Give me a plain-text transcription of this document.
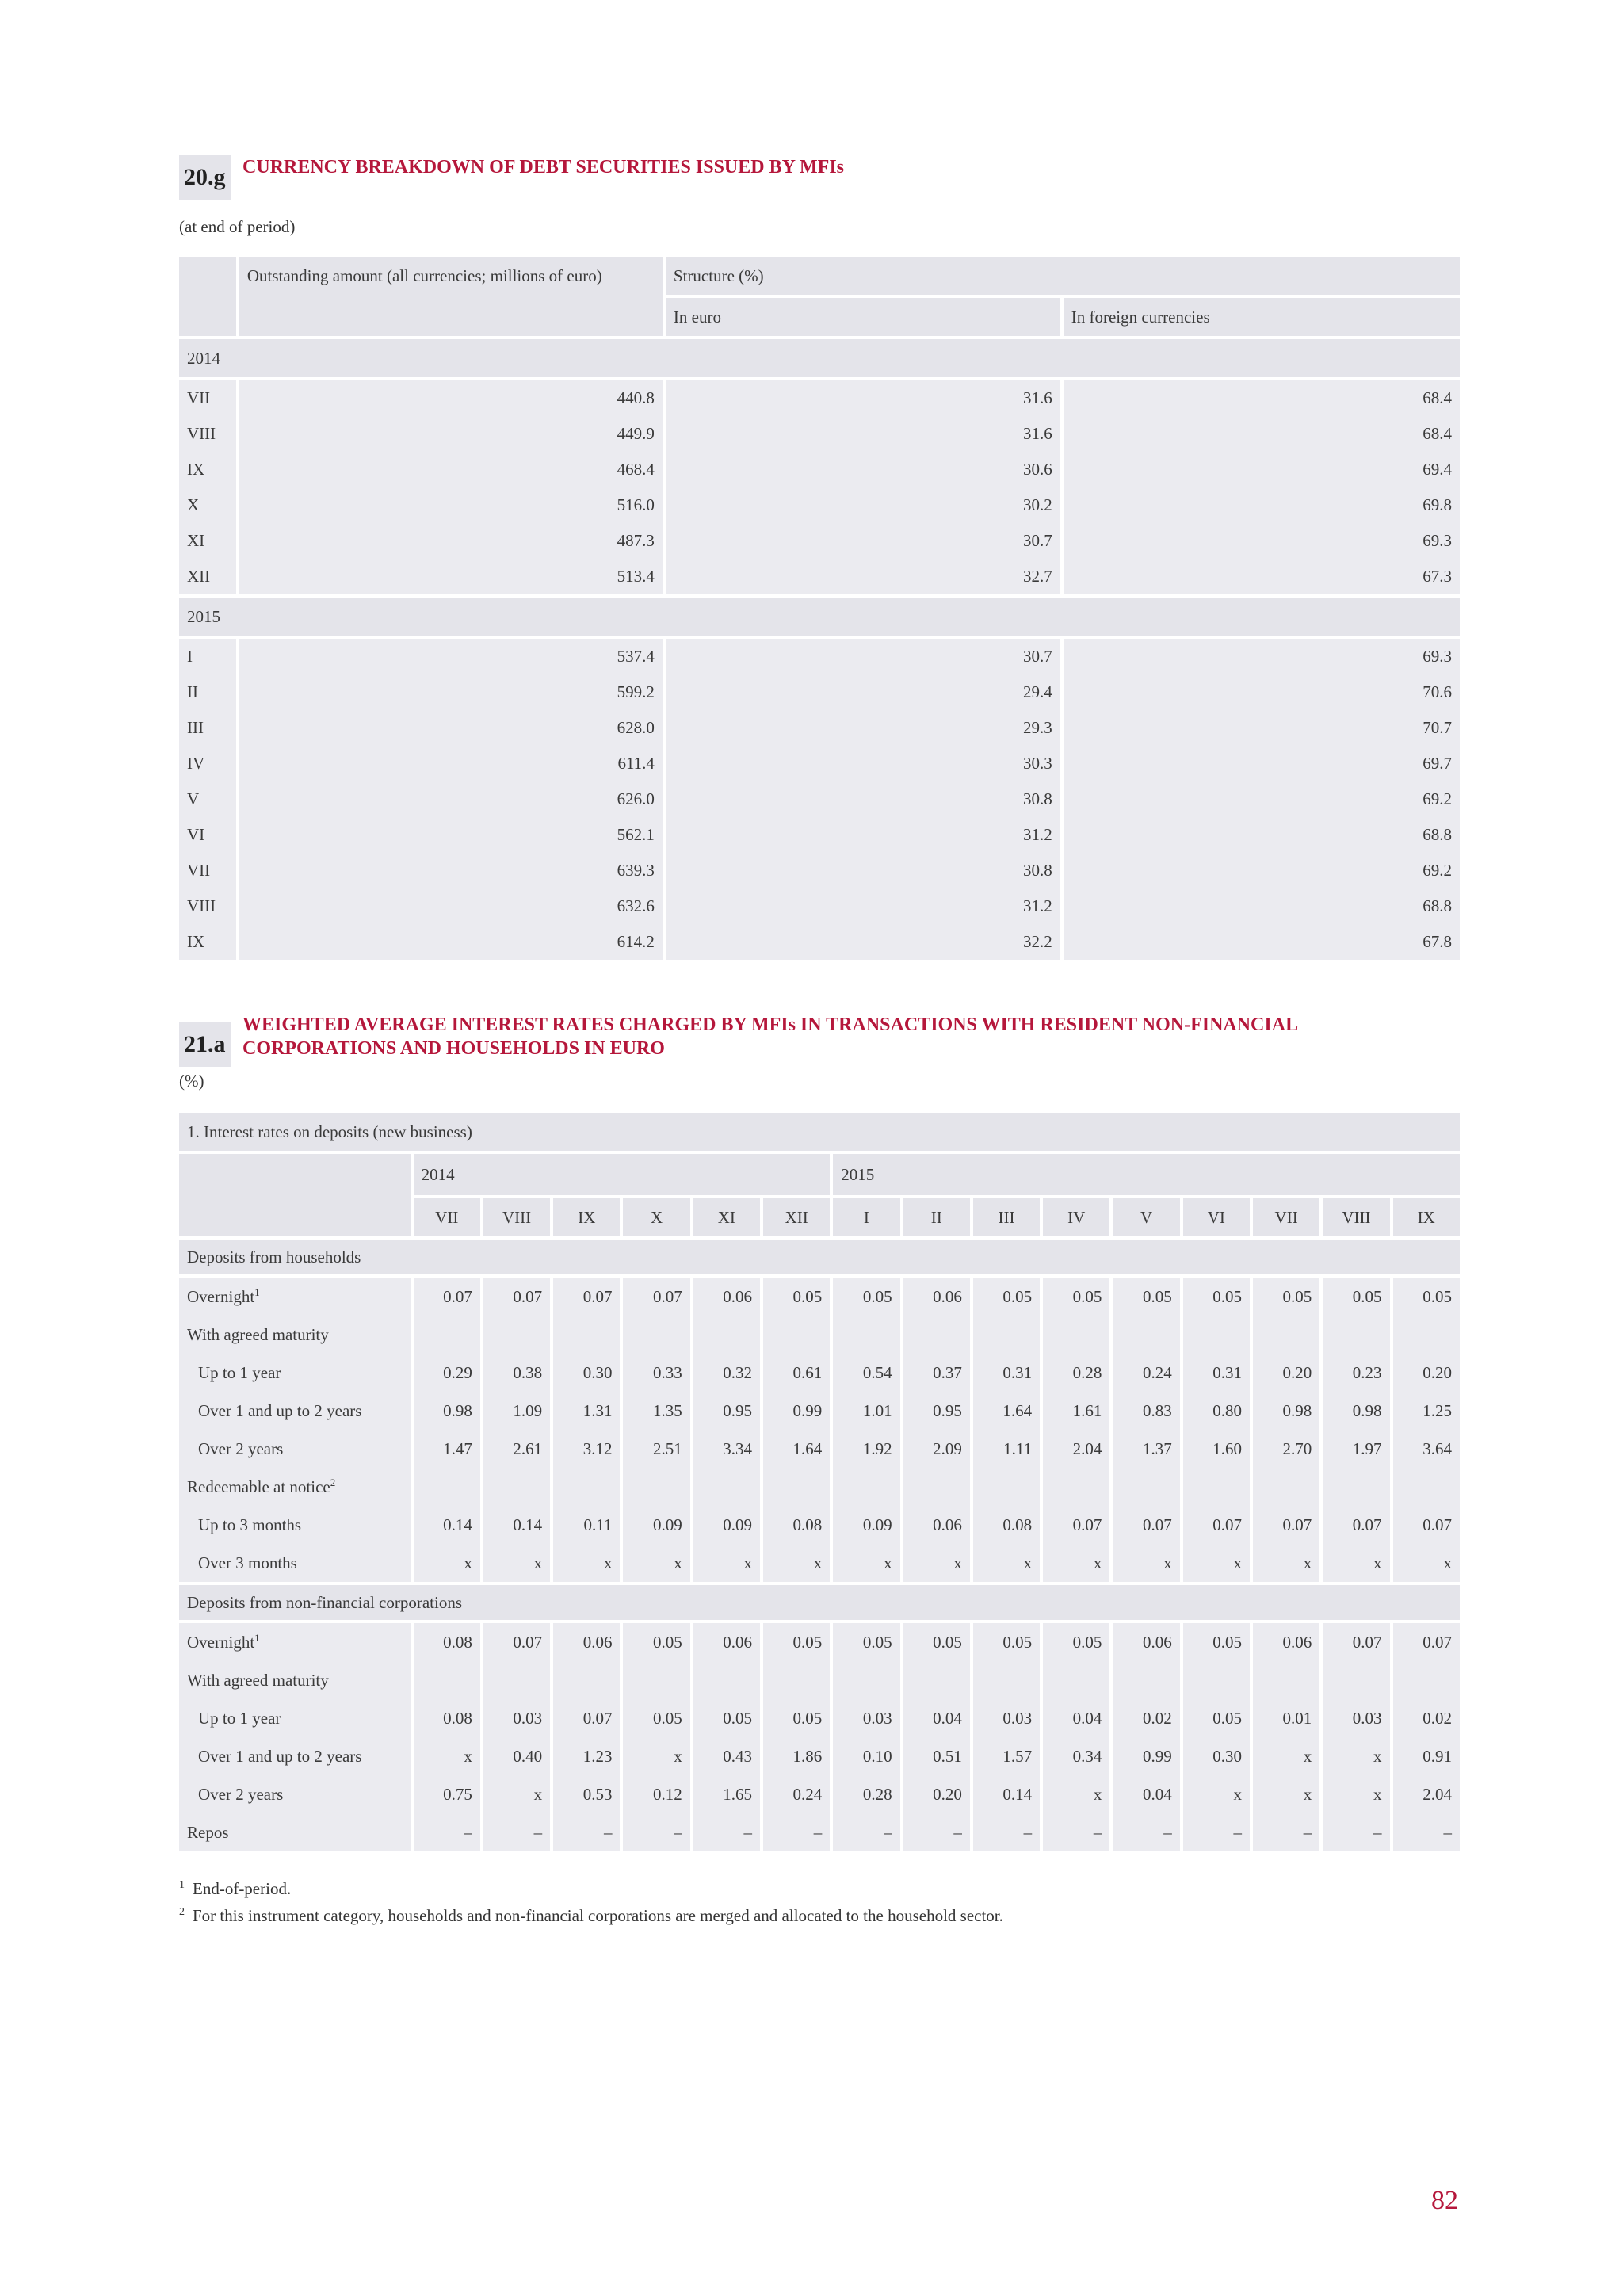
20.g CURRENCY BREAKDOWN OF DEBT SECURITIES ISSUED BY MFIs
(at end of period)
	Outstanding amount (all currencies; millions of euro)	Structure (%)	
		In euro	In foreign currencies

2014			

VII	440.8	31.6	68.4
VIII	449.9	31.6	68.4
IX	468.4	30.6	69.4
X	516.0	30.2	69.8
XI	487.3	30.7	69.3
XII	513.4	32.7	67.3

2015			

I	537.4	30.7	69.3
II	599.2	29.4	70.6
III	628.0	29.3	70.7
IV	611.4	30.3	69.7
V	626.0	30.8	69.2
VI	562.1	31.2	68.8
VII	639.3	30.8	69.2
VIII	632.6	31.2	68.8
IX	614.2	32.2	67.8
21.a
WEIGHTED AVERAGE INTEREST RATES CHARGED BY MFIs IN TRANSACTIONS WITH RESIDENT NON-FINANCIAL
CORPORATIONS AND HOUSEHOLDS IN EURO
(%)
1. Interest rates on deposits (new business)															

	2014						2015								

	VII	VIII	IX	X	XI	XII	I	II	III	IV	V	VI	VII	VIII	IX

Deposits from households															

Overnight$^1$	0.07	0.07	0.07	0.07	0.06	0.05	0.05	0.06	0.05	0.05	0.05	0.05	0.05	0.05	0.05
With agreed maturity															
Up to 1 year	0.29	0.38	0.30	0.33	0.32	0.61	0.54	0.37	0.31	0.28	0.24	0.31	0.20	0.23	0.20
Over 1 and up to 2 years	0.98	1.09	1.31	1.35	0.95	0.99	1.01	0.95	1.64	1.61	0.83	0.80	0.98	0.98	1.25
Over 2 years	1.47	2.61	3.12	2.51	3.34	1.64	1.92	2.09	1.11	2.04	1.37	1.60	2.70	1.97	3.64
Redeemable at notice$^2$															
Up to 3 months	0.14	0.14	0.11	0.09	0.09	0.08	0.09	0.06	0.08	0.07	0.07	0.07	0.07	0.07	0.07
Over 3 months	x	x	x	x	x	x	x	x	x	x	x	x	x	x	x

Deposits from non-financial corporations															

Overnight$^1$	0.08	0.07	0.06	0.05	0.06	0.05	0.05	0.05	0.05	0.05	0.06	0.05	0.06	0.07	0.07
With agreed maturity															
Up to 1 year	0.08	0.03	0.07	0.05	0.05	0.05	0.03	0.04	0.03	0.04	0.02	0.05	0.01	0.03	0.02
Over 1 and up to 2 years	x	0.40	1.23	x	0.43	1.86	0.10	0.51	1.57	0.34	0.99	0.30	x	x	0.91
Over 2 years	0.75	x	0.53	0.12	1.65	0.24	0.28	0.20	0.14	x	0.04	x	x	x	2.04
Repos	–	–	–	–	–	–	–	–	–	–	–	–	–	–	–
$^1$ End-of-period.
$^2$ For this instrument category, households and non-financial corporations are merged and allocated to the household sector.
82
